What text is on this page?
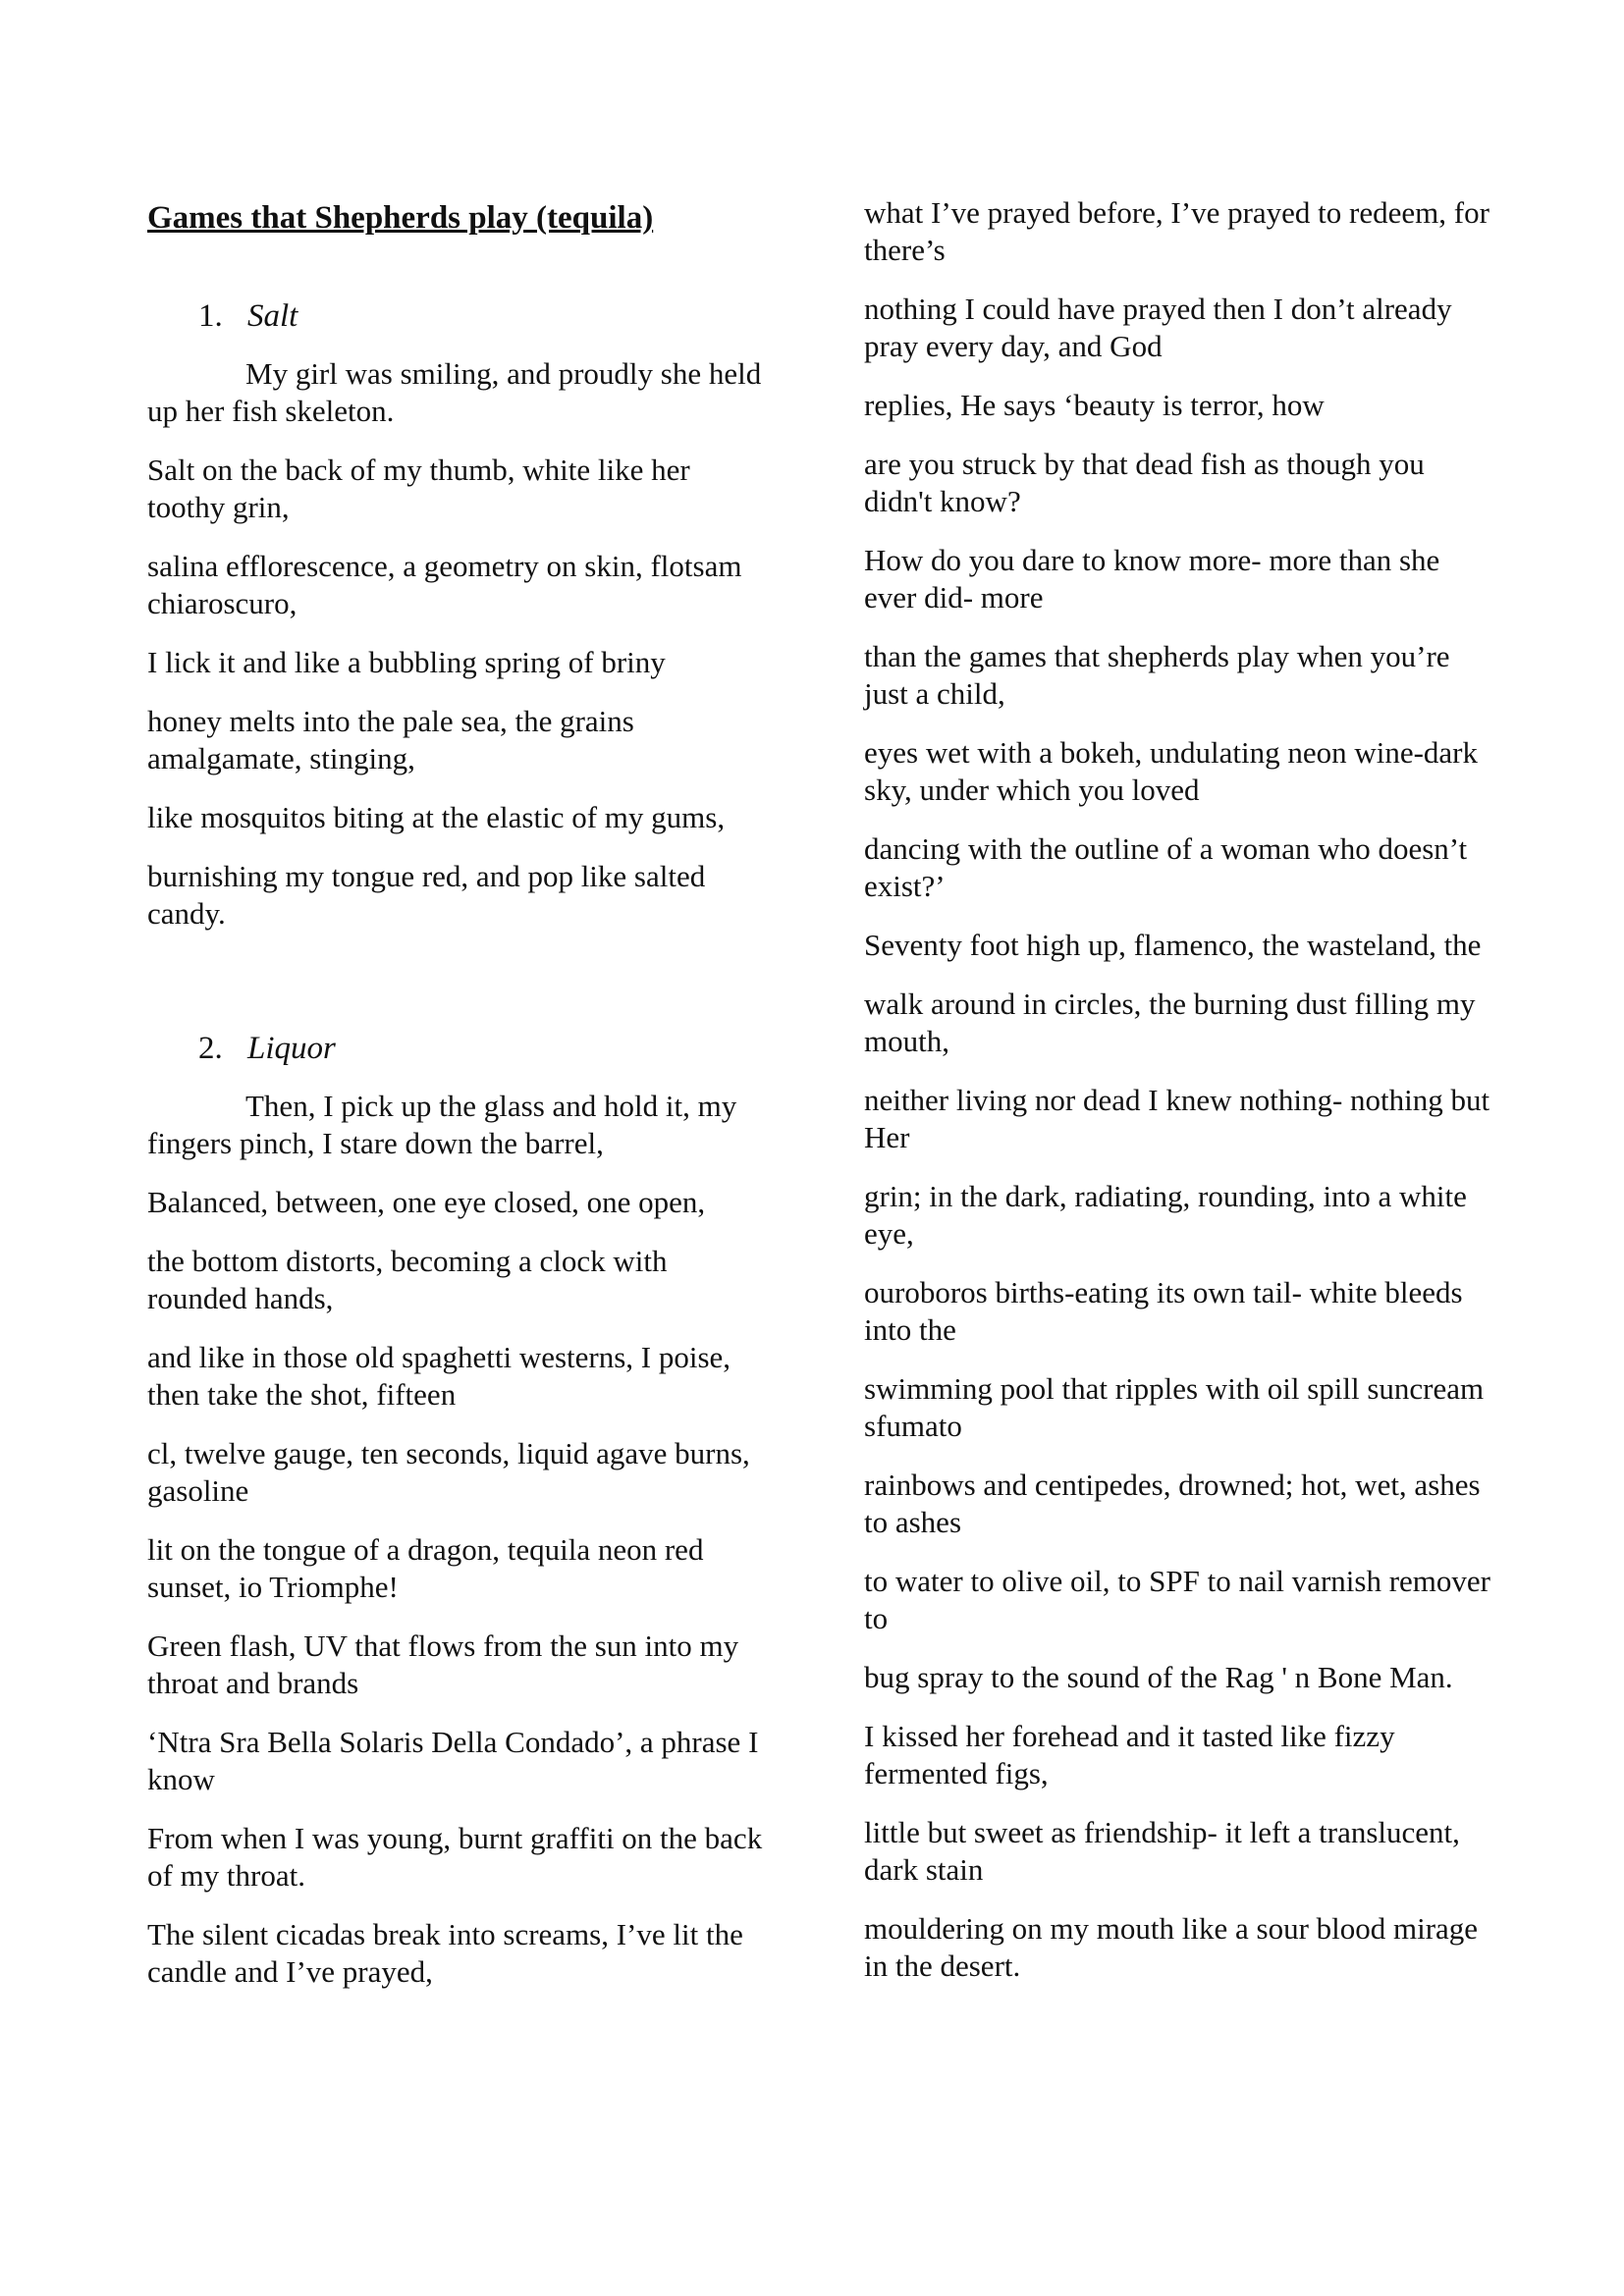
Games that Shepherds play (tequila)
1. Salt

My girl was smiling, and proudly she held up her fish skeleton.

Salt on the back of my thumb, white like her toothy grin,

salina efflorescence, a geometry on skin, flotsam chiaroscuro,

I lick it and like a bubbling spring of briny

honey melts into the pale sea, the grains amalgamate, stinging,

like mosquitos biting at the elastic of my gums,

burnishing my tongue red, and pop like salted candy.

2. Liquor

Then, I pick up the glass and hold it, my fingers pinch, I stare down the barrel,

Balanced, between, one eye closed, one open,

the bottom distorts, becoming a clock with rounded hands,

and like in those old spaghetti westerns, I poise, then take the shot, fifteen

cl, twelve gauge, ten seconds, liquid agave burns, gasoline

lit on the tongue of a dragon, tequila neon red sunset, io Triomphe!

Green flash, UV that flows from the sun into my throat and brands

‘Ntra Sra Bella Solaris Della Condado’, a phrase I know

From when I was young, burnt graffiti on the back of my throat.

The silent cicadas break into screams, I’ve lit the candle and I’ve prayed,

what I’ve prayed before, I’ve prayed to redeem, for there’s

nothing I could have prayed then I don’t already pray every day, and God

replies, He says ‘beauty is terror, how

are you struck by that dead fish as though you didn't know?

How do you dare to know more- more than she ever did- more

than the games that shepherds play when you’re just a child,

eyes wet with a bokeh, undulating neon wine-dark sky, under which you loved

dancing with the outline of a woman who doesn’t exist?’

Seventy foot high up, flamenco, the wasteland, the

walk around in circles, the burning dust filling my mouth,

neither living nor dead I knew nothing- nothing but Her

grin; in the dark, radiating, rounding, into a white eye,

ouroboros births-eating its own tail- white bleeds into the

swimming pool that ripples with oil spill suncream sfumato

rainbows and centipedes, drowned; hot, wet, ashes to ashes

to water to olive oil, to SPF to nail varnish remover to

bug spray to the sound of the Rag ' n Bone Man.

I kissed her forehead and it tasted like fizzy fermented figs,

little but sweet as friendship- it left a translucent, dark stain

mouldering on my mouth like a sour blood mirage in the desert.
